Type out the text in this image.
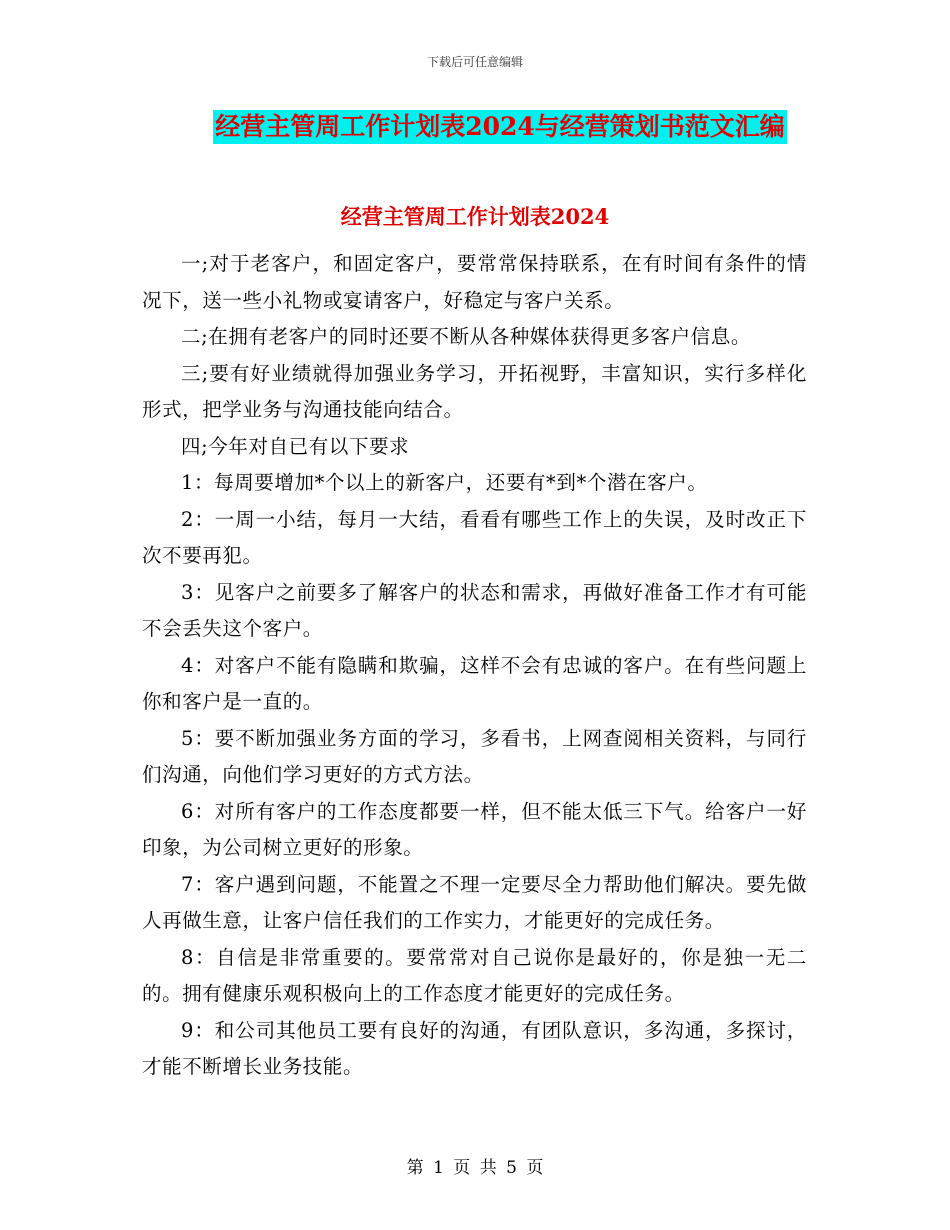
下载后可任意编辑
经营主管周工作计划表2024与经营策划书范文汇编
经营主管周工作计划表2024

一;对于老客户，和固定客户，要常常保持联系，在有时间有条件的情况下，送一些小礼物或宴请客户，好稳定与客户关系。

二;在拥有老客户的同时还要不断从各种媒体获得更多客户信息。

三;要有好业绩就得加强业务学习，开拓视野，丰富知识，实行多样化形式，把学业务与沟通技能向结合。

四;今年对自已有以下要求

1：每周要增加*个以上的新客户，还要有*到*个潜在客户。

2：一周一小结，每月一大结，看看有哪些工作上的失误，及时改正下次不要再犯。

3：见客户之前要多了解客户的状态和需求，再做好准备工作才有可能不会丢失这个客户。

4：对客户不能有隐瞒和欺骗，这样不会有忠诚的客户。在有些问题上你和客户是一直的。

5：要不断加强业务方面的学习，多看书，上网查阅相关资料，与同行们沟通，向他们学习更好的方式方法。

6：对所有客户的工作态度都要一样，但不能太低三下气。给客户一好印象，为公司树立更好的形象。

7：客户遇到问题，不能置之不理一定要尽全力帮助他们解决。要先做人再做生意，让客户信任我们的工作实力，才能更好的完成任务。

8：自信是非常重要的。要常常对自己说你是最好的，你是独一无二的。拥有健康乐观积极向上的工作态度才能更好的完成任务。

9：和公司其他员工要有良好的沟通，有团队意识，多沟通，多探讨，才能不断增长业务技能。

第 1 页 共 5 页
